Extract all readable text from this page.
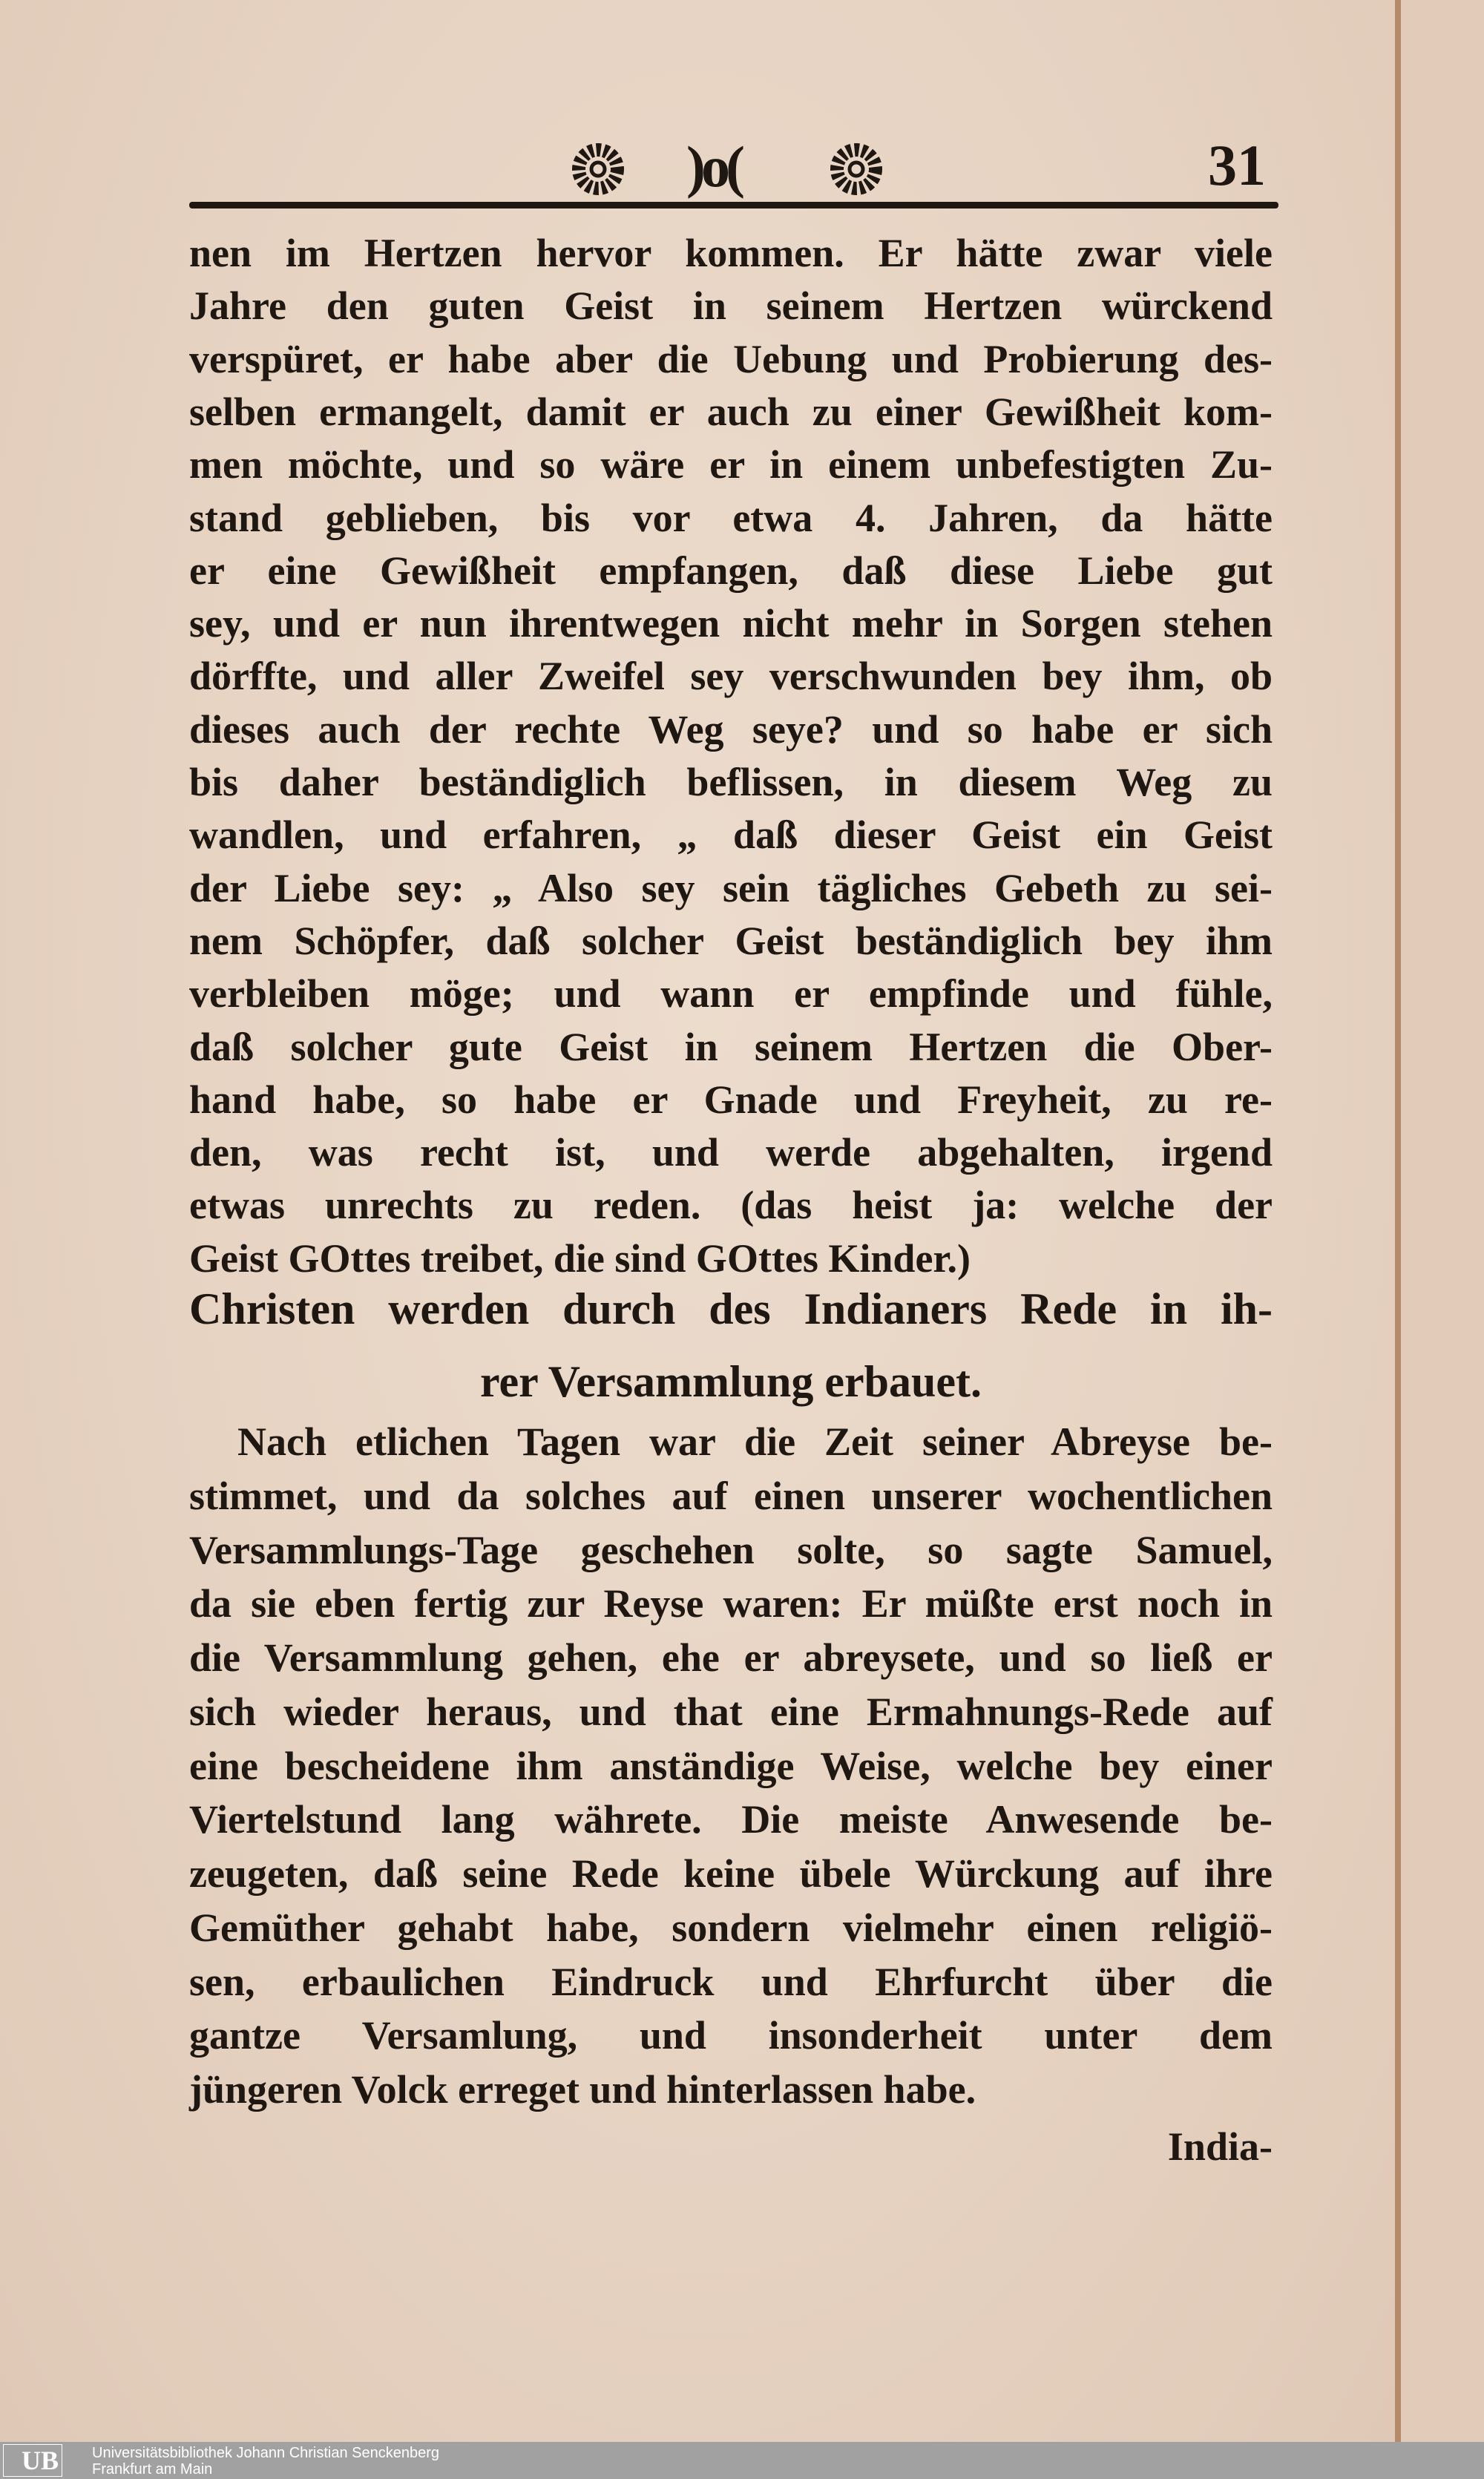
)o(	31
nen im Hertzen hervor kommen. Er hätte zwar viele
Jahre den guten Geist in seinem Hertzen würckend
verspüret, er habe aber die Uebung und Probierung des-
selben ermangelt, damit er auch zu einer Gewißheit kom-
men möchte, und so wäre er in einem unbefestigten Zu-
stand geblieben, bis vor etwa 4. Jahren, da hätte
er eine Gewißheit empfangen, daß diese Liebe gut
sey, und er nun ihrentwegen nicht mehr in Sorgen stehen
dörffte, und aller Zweifel sey verschwunden bey ihm, ob
dieses auch der rechte Weg seye? und so habe er sich
bis daher beständiglich beflissen, in diesem Weg zu
wandlen, und erfahren, „ daß dieser Geist ein Geist
der Liebe sey: „ Also sey sein tägliches Gebeth zu sei-
nem Schöpfer, daß solcher Geist beständiglich bey ihm
verbleiben möge; und wann er empfinde und fühle,
daß solcher gute Geist in seinem Hertzen die Ober-
hand habe, so habe er Gnade und Freyheit, zu re-
den, was recht ist, und werde abgehalten, irgend
etwas unrechts zu reden. (das heist ja: welche der
Geist GOttes treibet, die sind GOttes Kinder.)
Christen werden durch des Indianers Rede in ih-
rer Versammlung erbauet.
Nach etlichen Tagen war die Zeit seiner Abreyse be-
stimmet, und da solches auf einen unserer wochentlichen
Versammlungs-Tage geschehen solte, so sagte Samuel,
da sie eben fertig zur Reyse waren: Er müßte erst noch in
die Versammlung gehen, ehe er abreysete, und so ließ er
sich wieder heraus, und that eine Ermahnungs-Rede auf
eine bescheidene ihm anständige Weise, welche bey einer
Viertelstund lang währete. Die meiste Anwesende be-
zeugeten, daß seine Rede keine übele Würckung auf ihre
Gemüther gehabt habe, sondern vielmehr einen religiö-
sen, erbaulichen Eindruck und Ehrfurcht über die
gantze Versamlung, und insonderheit unter dem
jüngeren Volck erreget und hinterlassen habe.
India-
UB Universitätsbibliothek Johann Christian Senckenberg
Frankfurt am Main
